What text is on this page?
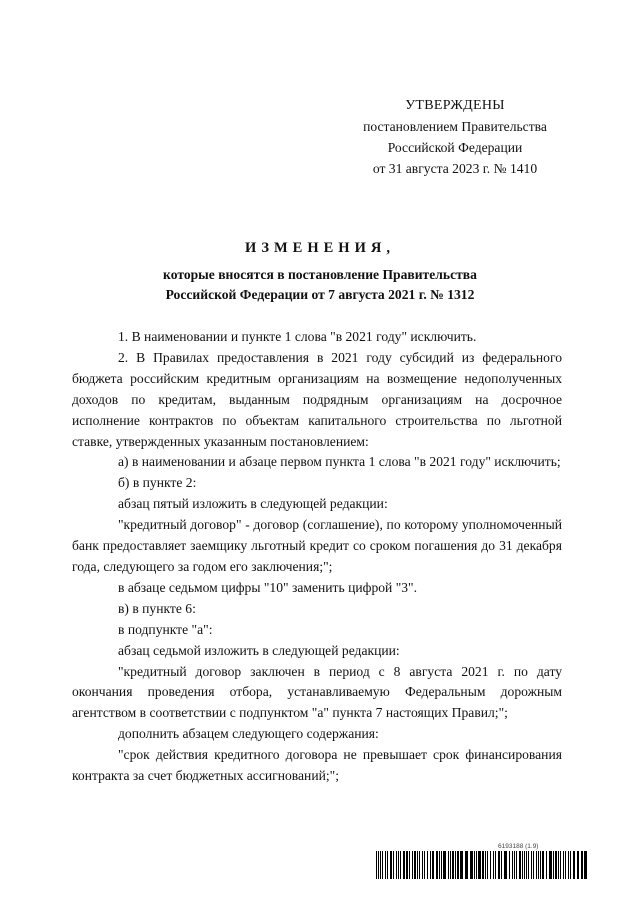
УТВЕРЖДЕНЫ
постановлением Правительства
Российской Федерации
от 31 августа 2023 г. № 1410
ИЗМЕНЕНИЯ,
которые вносятся в постановление Правительства
Российской Федерации от 7 августа 2021 г. № 1312

1. В наименовании и пункте 1 слова "в 2021 году" исключить.

2. В Правилах предоставления в 2021 году субсидий из федерального бюджета российским кредитным организациям на возмещение недополученных доходов по кредитам, выданным подрядным организациям на досрочное исполнение контрактов по объектам капитального строительства по льготной ставке, утвержденных указанным постановлением:

а) в наименовании и абзаце первом пункта 1 слова "в 2021 году" исключить;

б) в пункте 2:

абзац пятый изложить в следующей редакции:

"кредитный договор" - договор (соглашение), по которому уполномоченный банк предоставляет заемщику льготный кредит со сроком погашения до 31 декабря года, следующего за годом его заключения;";

в абзаце седьмом цифры "10" заменить цифрой "3".

в) в пункте 6:

в подпункте "а":

абзац седьмой изложить в следующей редакции:

"кредитный договор заключен в период с 8 августа 2021 г. по дату окончания проведения отбора, устанавливаемую Федеральным дорожным агентством в соответствии с подпунктом "а" пункта 7 настоящих Правил;";

дополнить абзацем следующего содержания:

"срок действия кредитного договора не превышает срок финансирования контракта за счет бюджетных ассигнований;";

6193188 (1.9)
